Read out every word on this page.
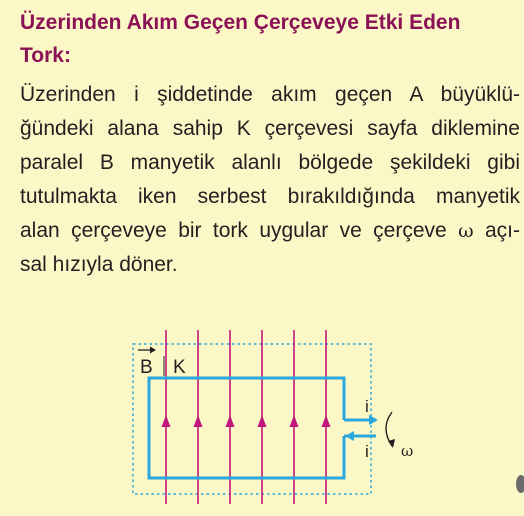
Üzerinden Akım Geçen Çerçeveye Etki Eden
Tork:

Üzerinden i şiddetinde akım geçen A büyüklü-
ğündeki alana sahip K çerçevesi sayfa diklemine
paralel B manyetik alanlı bölgede şekildeki gibi
tutulmakta iken serbest bırakıldığında manyetik
alan çerçeveye bir tork uygular ve çerçeve ω açı-
sal hızıyla döner.

B K
i
i ω
